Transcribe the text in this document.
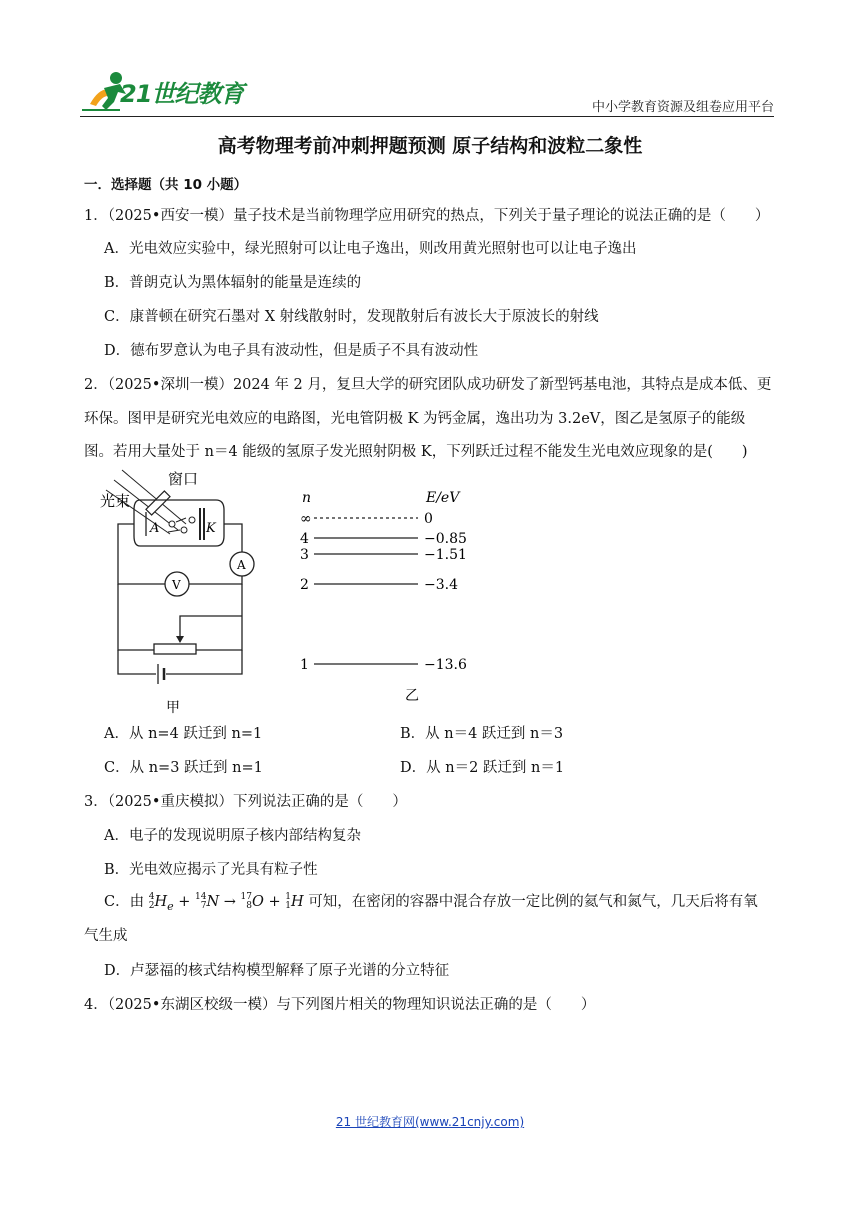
21世纪教育	中小学教育资源及组卷应用平台
高考物理考前冲刺押题预测 原子结构和波粒二象性
一．选择题（共 10 小题）
1．（2025•西安一模）量子技术是当前物理学应用研究的热点，下列关于量子理论的说法正确的是（　　）
A．光电效应实验中，绿光照射可以让电子逸出，则改用黄光照射也可以让电子逸出
B．普朗克认为黑体辐射的能量是连续的
C．康普顿在研究石墨对 X 射线散射时，发现散射后有波长大于原波长的射线
D．德布罗意认为电子具有波动性，但是质子不具有波动性
2．（2025•深圳一模）2024 年 2 月，复旦大学的研究团队成功研发了新型钙基电池，其特点是成本低、更
环保。图甲是研究光电效应的电路图，光电管阴极 K 为钙金属，逸出功为 3.2eV，图乙是氢原子的能级
图。若用大量处于 n＝4 能级的氢原子发光照射阴极 K，下列跃迁过程不能发生光电效应现象的是(　　)
窗口
光束
A	K
A
V
甲
n	E/eV
∞	0
4	−0.85
3	−1.51
2	−3.4
1	−13.6
乙
A．从 n=4 跃迁到 n=1	B．从 n＝4 跃迁到 n＝3
C．从 n=3 跃迁到 n=1	D．从 n＝2 跃迁到 n＝1
3．（2025•重庆模拟）下列说法正确的是（　　）
A．电子的发现说明原子核内部结构复杂
B．光电效应揭示了光具有粒子性
C．由 4
$2H_e + 14$
7N → 17
8O + 1
1H 可知，在密闭的容器中混合存放一定比例的氦气和氮气，几天后将有氧
气生成
D．卢瑟福的核式结构模型解释了原子光谱的分立特征
4．（2025•东湖区校级一模）与下列图片相关的物理知识说法正确的是（　　）
21 世纪教育网(www.21cnjy.com)
